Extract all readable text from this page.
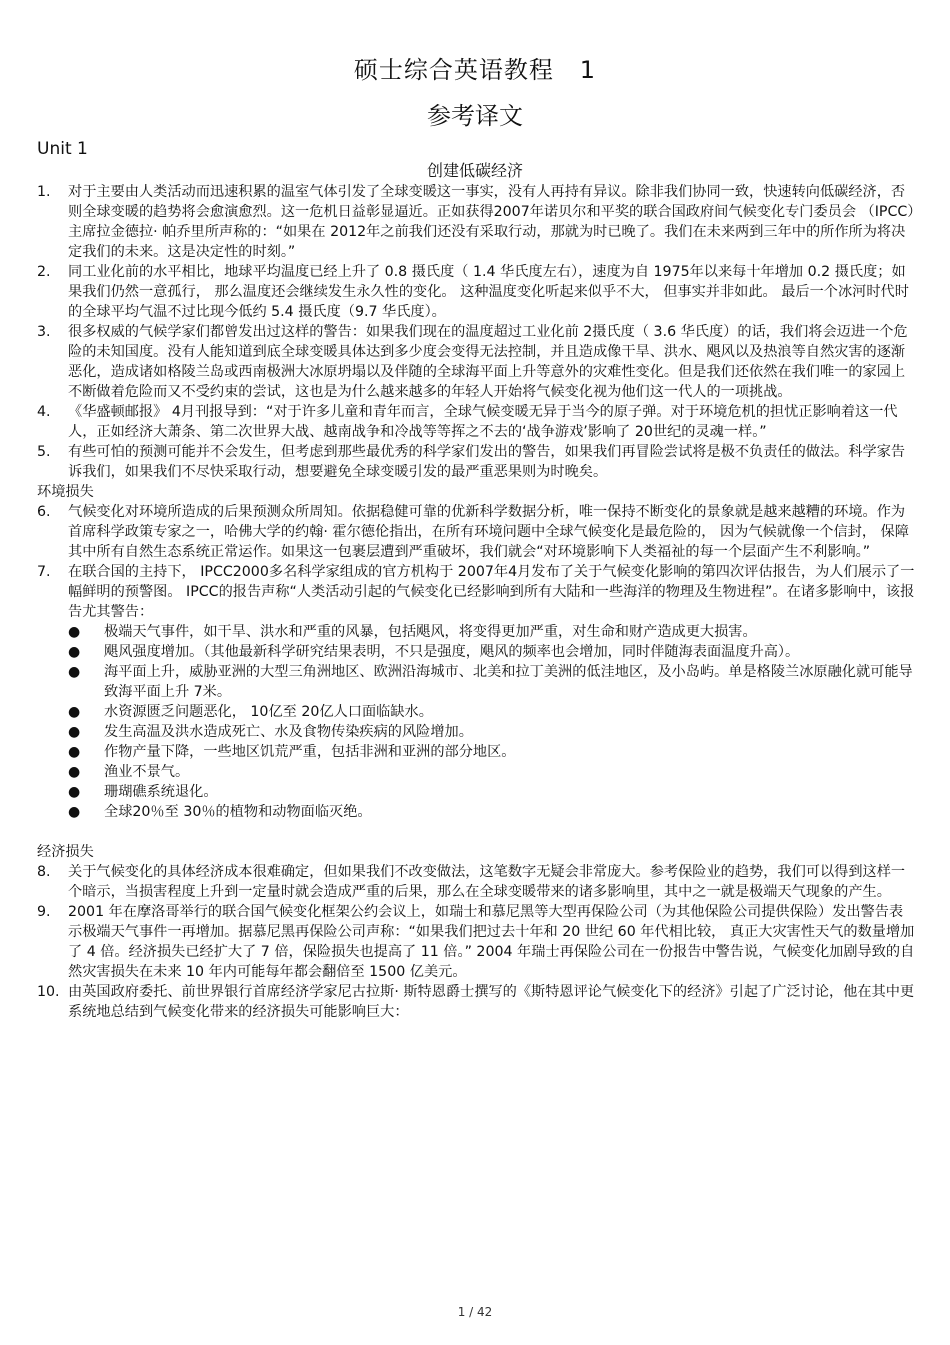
硕士综合英语教程   1
参考译文
Unit 1
创建低碳经济
1.	对于主要由人类活动而迅速积累的温室气体引发了全球变暖这一事实，没有人再持有异议。除非我们协同一致，快速转向低碳经济，否则全球变暖的趋势将会愈演愈烈。这一危机日益彰显逼近。正如获得2007年诺贝尔和平奖的联合国政府间气候变化专门委员会 （IPCC）主席拉金德拉· 帕乔里所声称的：“如果在 2012年之前我们还没有采取行动，那就为时已晚了。我们在未来两到三年中的所作所为将决定我们的未来。这是决定性的时刻。”
2.	同工业化前的水平相比，地球平均温度已经上升了 0.8 摄氏度（ 1.4 华氏度左右），速度为自 1975年以来每十年增加 0.2 摄氏度；如果我们仍然一意孤行， 那么温度还会继续发生永久性的变化。 这种温度变化听起来似乎不大， 但事实并非如此。 最后一个冰河时代时的全球平均气温不过比现今低约 5.4 摄氏度（9.7 华氏度）。
3.	很多权威的气候学家们都曾发出过这样的警告：如果我们现在的温度超过工业化前 2摄氏度（ 3.6 华氏度）的话，我们将会迈进一个危险的未知国度。没有人能知道到底全球变暖具体达到多少度会变得无法控制，并且造成像干旱、洪水、飓风以及热浪等自然灾害的逐渐恶化，造成诸如格陵兰岛或西南极洲大冰原坍塌以及伴随的全球海平面上升等意外的灾难性变化。但是我们还依然在我们唯一的家园上不断做着危险而又不受约束的尝试，这也是为什么越来越多的年轻人开始将气候变化视为他们这一代人的一项挑战。
4.	《华盛顿邮报》 4月刊报导到：“对于许多儿童和青年而言，全球气候变暖无异于当今的原子弹。对于环境危机的担忧正影响着这一代人，正如经济大萧条、第二次世界大战、越南战争和冷战等等挥之不去的‘战争游戏’影响了 20世纪的灵魂一样。”
5.	有些可怕的预测可能并不会发生，但考虑到那些最优秀的科学家们发出的警告，如果我们再冒险尝试将是极不负责任的做法。科学家告诉我们，如果我们不尽快采取行动，想要避免全球变暖引发的最严重恶果则为时晚矣。
环境损失
6.	气候变化对环境所造成的后果预测众所周知。依据稳健可靠的优新科学数据分析，唯一保持不断变化的景象就是越来越糟的环境。作为首席科学政策专家之一，哈佛大学的约翰· 霍尔德伦指出，在所有环境问题中全球气候变化是最危险的， 因为气候就像一个信封， 保障其中所有自然生态系统正常运作。如果这一包裹层遭到严重破坏，我们就会“对环境影响下人类福祉的每一个层面产生不利影响。”
7.	在联合国的主持下， IPCC2000多名科学家组成的官方机构于 2007年4月发布了关于气候变化影响的第四次评估报告，为人们展示了一幅鲜明的预警图。 IPCC的报告声称“人类活动引起的气候变化已经影响到所有大陆和一些海洋的物理及生物进程”。在诸多影响中，该报告尤其警告：
●	极端天气事件，如干旱、洪水和严重的风暴，包括飓风，将变得更加严重，对生命和财产造成更大损害。
●	飓风强度增加。（其他最新科学研究结果表明，不只是强度，飓风的频率也会增加，同时伴随海表面温度升高）。
●	海平面上升，威胁亚洲的大型三角洲地区、欧洲沿海城市、北美和拉丁美洲的低洼地区，及小岛屿。单是格陵兰冰原融化就可能导致海平面上升 7米。
●	水资源匮乏问题恶化， 10亿至 20亿人口面临缺水。
●	发生高温及洪水造成死亡、水及食物传染疾病的风险增加。
●	作物产量下降，一些地区饥荒严重，包括非洲和亚洲的部分地区。
●	渔业不景气。
●	珊瑚礁系统退化。
●	全球20％至 30％的植物和动物面临灭绝。
经济损失
8.	关于气候变化的具体经济成本很难确定，但如果我们不改变做法，这笔数字无疑会非常庞大。参考保险业的趋势，我们可以得到这样一个暗示，当损害程度上升到一定量时就会造成严重的后果，那么在全球变暖带来的诸多影响里，其中之一就是极端天气现象的产生。
9.	2001 年在摩洛哥举行的联合国气候变化框架公约会议上，如瑞士和慕尼黑等大型再保险公司（为其他保险公司提供保险）发出警告表示极端天气事件一再增加。据慕尼黑再保险公司声称：“如果我们把过去十年和 20 世纪 60 年代相比较， 真正大灾害性天气的数量增加了 4 倍。经济损失已经扩大了 7 倍，保险损失也提高了 11 倍。” 2004 年瑞士再保险公司在一份报告中警告说，气候变化加剧导致的自然灾害损失在未来 10 年内可能每年都会翻倍至 1500 亿美元。
10. 由英国政府委托、前世界银行首席经济学家尼古拉斯· 斯特恩爵士撰写的《斯特恩评论气候变化下的经济》引起了广泛讨论，他在其中更系统地总结到气候变化带来的经济损失可能影响巨大：
1 / 42
